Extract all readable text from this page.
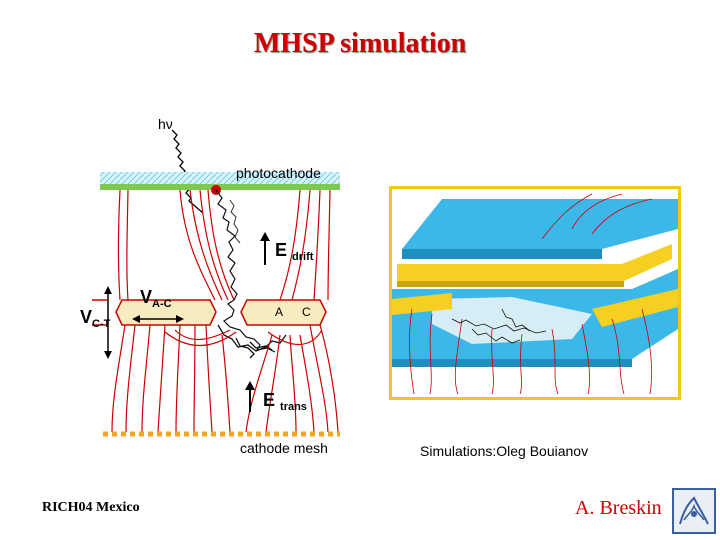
MHSP simulation
hν
photocathode
E $_{drift}$
$V_{C-T}$
$V_{A-C}$
A C
E $_{trans}$
cathode mesh	Simulations:Oleg Bouianov
RICH04 Mexico	A. Breskin
